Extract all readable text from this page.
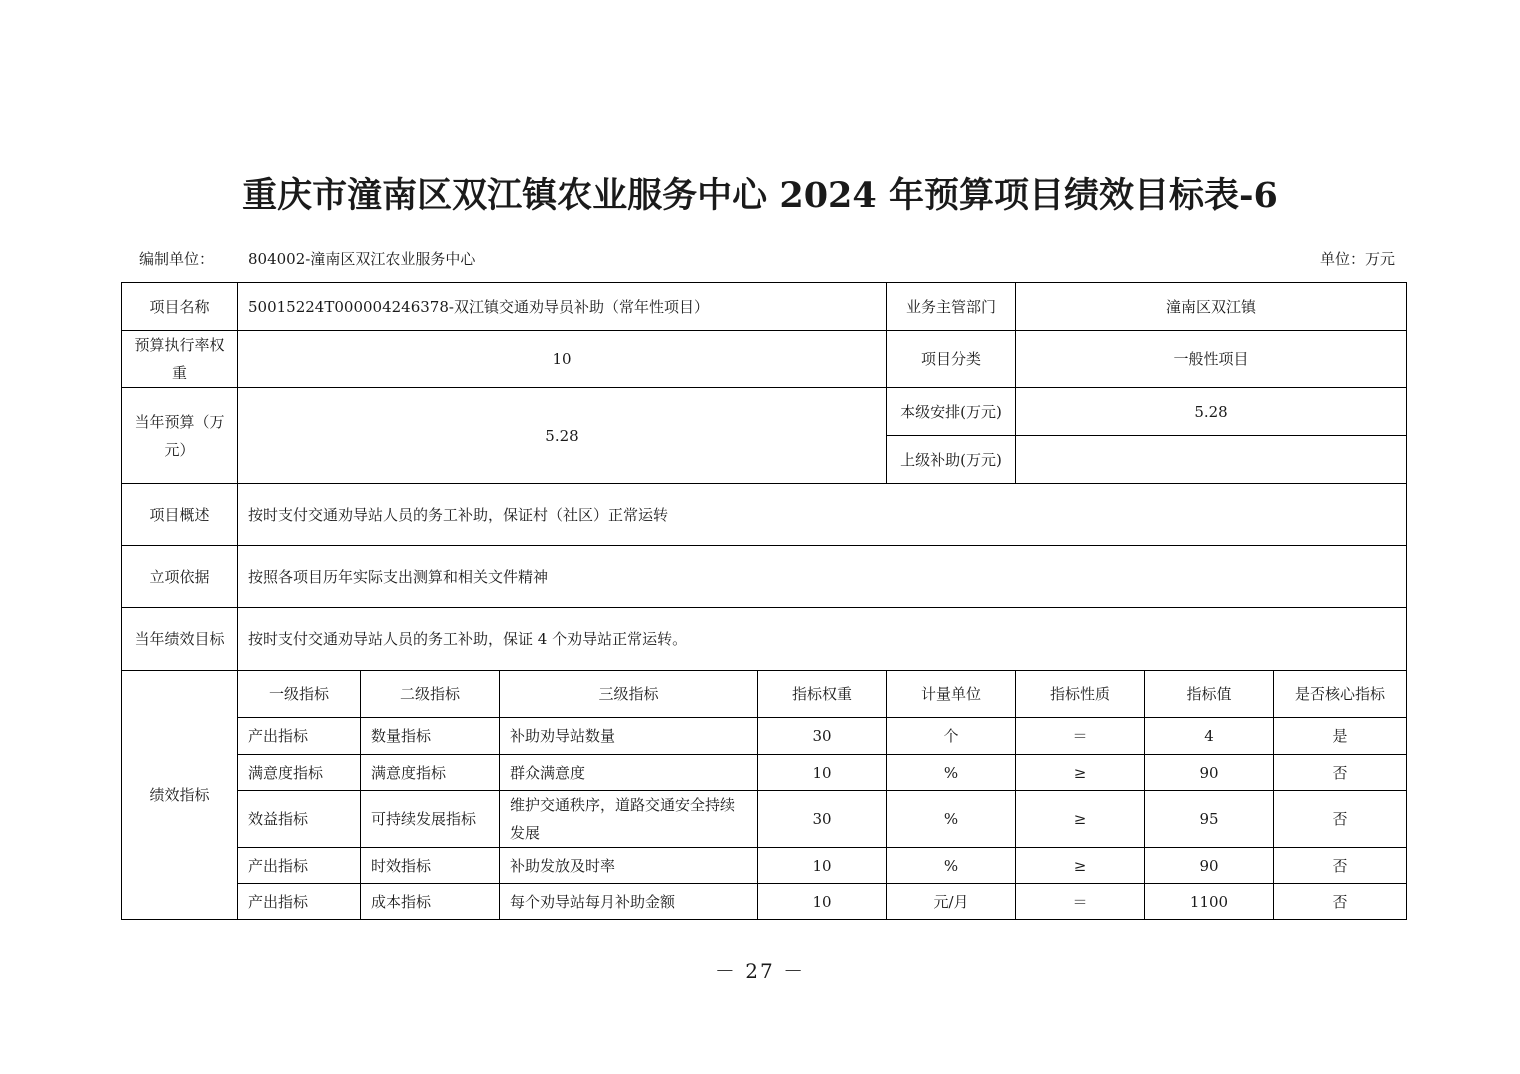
重庆市潼南区双江镇农业服务中心 2024 年预算项目绩效目标表-6
编制单位： 804002-潼南区双江农业服务中心	单位：万元
项目名称	50015224T000004246378-双江镇交通劝导员补助（常年性项目）				业务主管部门	潼南区双江镇		
预算执行率权重	10				项目分类	一般性项目		
当年预算（万元）	5.28				本级安排(万元)	5.28		
					上级补助(万元)			
项目概述	按时支付交通劝导站人员的务工补助，保证村（社区）正常运转							
立项依据	按照各项目历年实际支出测算和相关文件精神							
当年绩效目标	按时支付交通劝导站人员的务工补助，保证 4 个劝导站正常运转。							
绩效指标	一级指标	二级指标	三级指标	指标权重	计量单位	指标性质	指标值	是否核心指标
	产出指标	数量指标	补助劝导站数量	30	个	＝	4	是
	满意度指标	满意度指标	群众满意度	10	%	≥	90	否
	效益指标	可持续发展指标	维护交通秩序，道路交通安全持续发展	30	%	≥	95	否
	产出指标	时效指标	补助发放及时率	10	%	≥	90	否
	产出指标	成本指标	每个劝导站每月补助金额	10	元/月	＝	1100	否
－ 27 －
